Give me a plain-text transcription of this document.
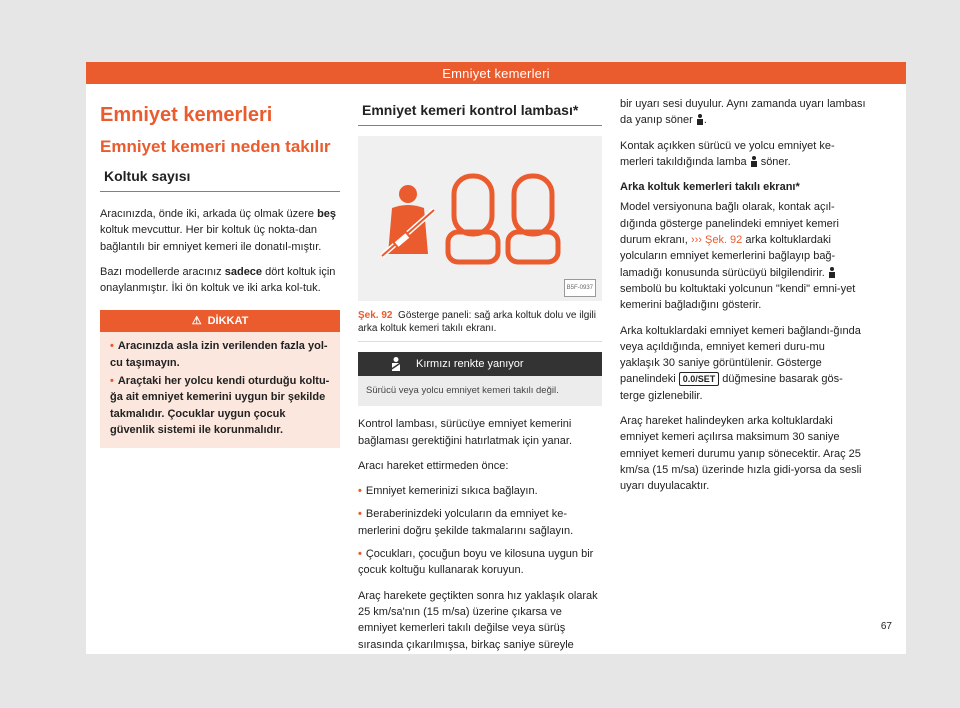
Emniyet kemerleri
Emniyet kemerleri
Emniyet kemeri neden takılır
Koltuk sayısı

Aracınızda, önde iki, arkada üç olmak üzere beş koltuk mevcuttur. Her bir koltuk üç nokta-dan bağlantılı bir emniyet kemeri ile donatıl-mıştır.

Bazı modellerde aracınız sadece dört koltuk için onaylanmıştır. İki ön koltuk ve iki arka kol-tuk.

⚠ DİKKAT
• Aracınızda asla izin verilenden fazla yol-cu taşımayın.
• Araçtaki her yolcu kendi oturduğu koltu-ğa ait emniyet kemerini uygun bir şekilde takmalıdır. Çocuklar uygun çocuk güvenlik sistemi ile korunmalıdır.
Emniyet kemeri kontrol lambası*
B5F-0937
Şek. 92 Gösterge paneli: sağ arka koltuk dolu ve ilgili arka koltuk kemeri takılı ekranı.
Kırmızı renkte yanıyor
Sürücü veya yolcu emniyet kemeri takılı değil.

Kontrol lambası, sürücüye emniyet kemerini bağlaması gerektiğini hatırlatmak için yanar.

Aracı hareket ettirmeden önce:

• Emniyet kemerinizi sıkıca bağlayın.
• Beraberinizdeki yolcuların da emniyet ke-merlerini doğru şekilde takmalarını sağlayın.
• Çocukları, çocuğun boyu ve kilosuna uygun bir çocuk koltuğu kullanarak koruyun.

Araç harekete geçtikten sonra hız yaklaşık olarak 25 km/sa'nın (15 m/sa) üzerine çıkarsa ve emniyet kemerleri takılı değilse veya sürüş sırasında çıkarılmışsa, birkaç saniye süreyle

bir uyarı sesi duyulur. Aynı zamanda uyarı lambası da yanıp söner .

Kontak açıkken sürücü ve yolcu emniyet ke-merleri takıldığında lamba söner.

Arka koltuk kemerleri takılı ekranı*

Model versiyonuna bağlı olarak, kontak açıl-dığında gösterge panelindeki emniyet kemeri durum ekranı, ››› Şek. 92 arka koltuklardaki yolcuların emniyet kemerlerini bağlayıp bağ-lamadığı konusunda sürücüyü bilgilendirir.  sembolü bu koltuktaki yolcunun "kendi" emni-yet kemerini bağladığını gösterir.

Arka koltuklardaki emniyet kemeri bağlandı-ğında veya açıldığında, emniyet kemeri duru-mu yaklaşık 30 saniye görüntülenir. Gösterge panelindeki 0.0/SET düğmesine basarak gös-terge gizlenebilir.

Araç hareket halindeyken arka koltuklardaki emniyet kemeri açılırsa maksimum 30 saniye emniyet kemeri durumu yanıp sönecektir. Araç 25 km/sa (15 m/sa) üzerinde hızla gidi-yorsa da sesli uyarı duyulacaktır.

67
